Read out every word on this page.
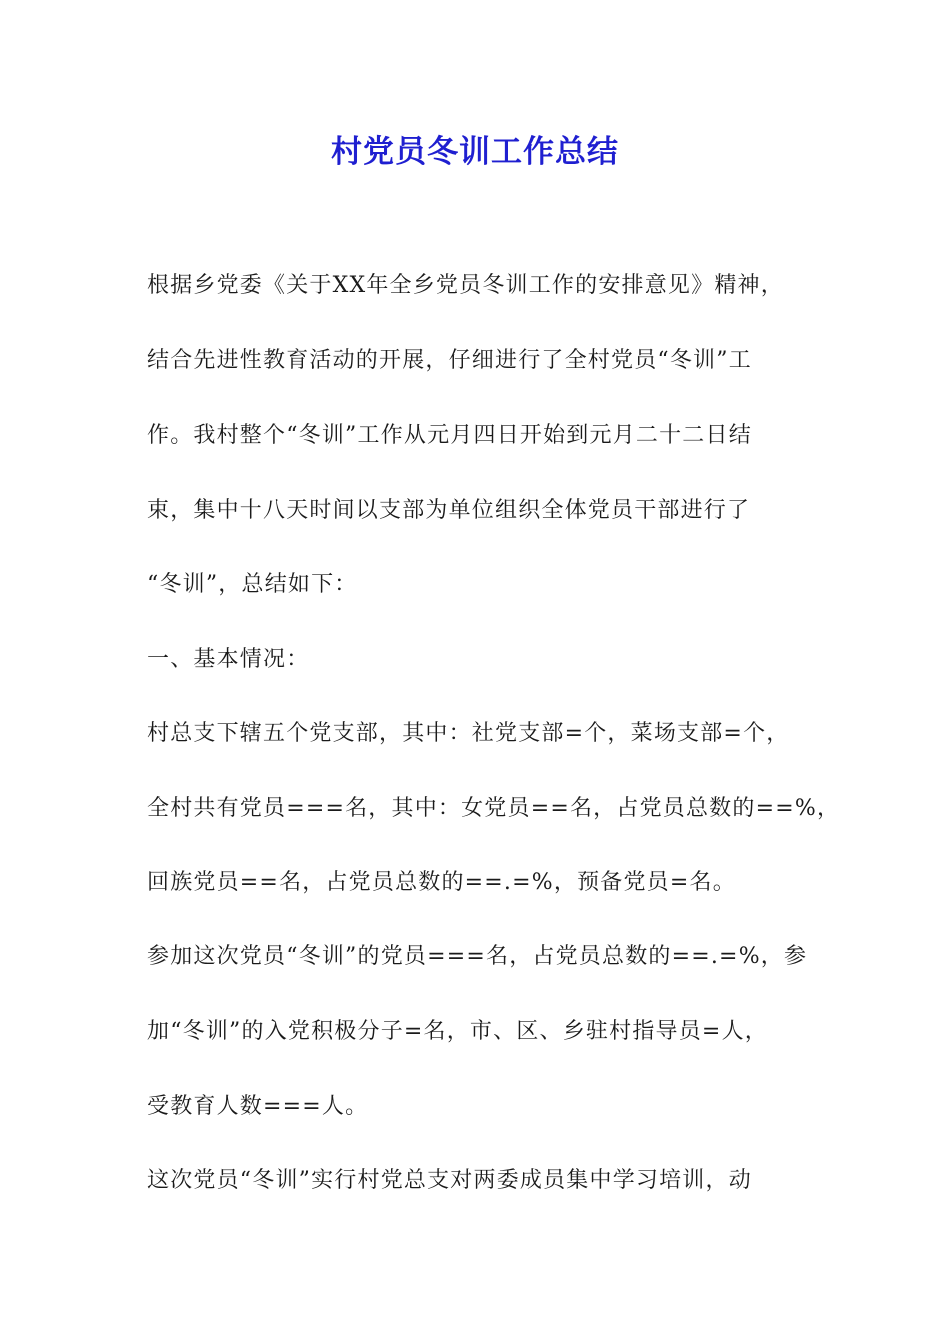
村党员冬训工作总结
根据乡党委《关于XX年全乡党员冬训工作的安排意见》精神，
结合先进性教育活动的开展，仔细进行了全村党员“冬训”工
作。我村整个“冬训”工作从元月四日开始到元月二十二日结
束，集中十八天时间以支部为单位组织全体党员干部进行了
“冬训”，总结如下：
一、基本情况：
村总支下辖五个党支部，其中：社党支部=个，菜场支部=个，
全村共有党员===名，其中：女党员==名，占党员总数的==%，
回族党员==名，占党员总数的==.=%，预备党员=名。
参加这次党员“冬训”的党员===名，占党员总数的==.=%，参
加“冬训”的入党积极分子=名，市、区、乡驻村指导员=人，
受教育人数===人。
这次党员“冬训”实行村党总支对两委成员集中学习培训，动
